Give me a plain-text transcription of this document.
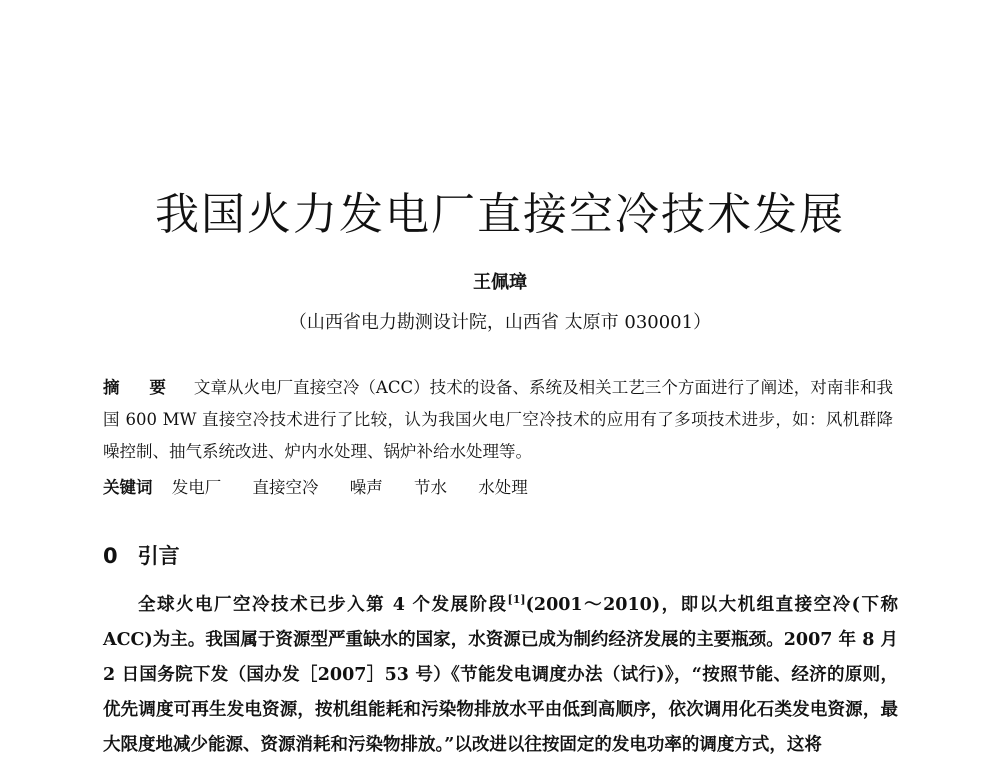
我国火力发电厂直接空冷技术发展
王佩璋
（山西省电力勘测设计院，山西省 太原市 030001）
摘 要 文章从火电厂直接空冷（ACC）技术的设备、系统及相关工艺三个方面进行了阐述，对南非和我国 600 MW 直接空冷技术进行了比较，认为我国火电厂空冷技术的应用有了多项技术进步，如：风机群降噪控制、抽气系统改进、炉内水处理、锅炉补给水处理等。
关键词 发电厂 直接空冷 噪声 节水 水处理
0 引言
全球火电厂空冷技术已步入第 4 个发展阶段[1](2001～2010)，即以大机组直接空冷(下称 ACC)为主。我国属于资源型严重缺水的国家，水资源已成为制约经济发展的主要瓶颈。2007 年 8 月 2 日国务院下发（国办发［2007］53 号）《节能发电调度办法（试行)》，“按照节能、经济的原则，优先调度可再生发电资源，按机组能耗和污染物排放水平由低到高顺序，依次调用化石类发电资源，最大限度地减少能源、资源消耗和污染物排放。”以改进以往按固定的发电功率的调度方式，这将
